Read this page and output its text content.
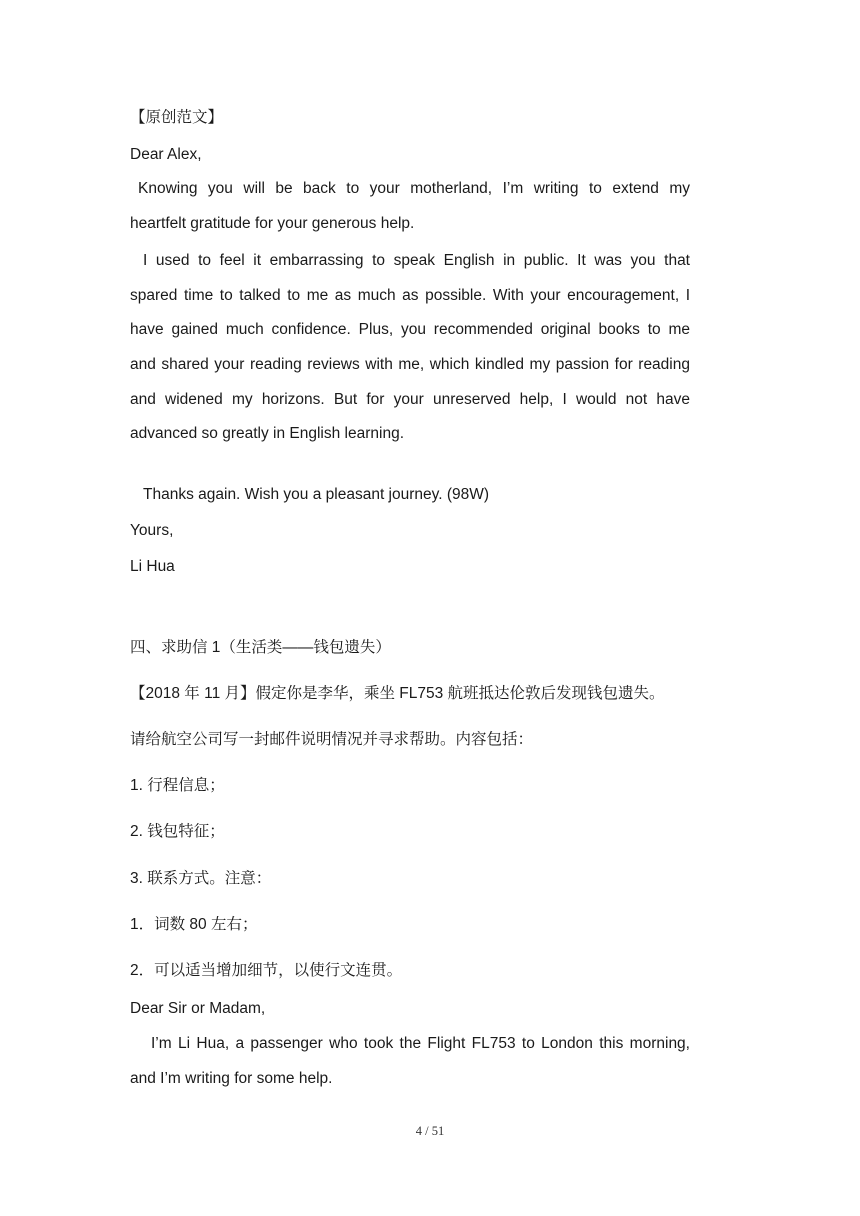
【原创范文】
Dear Alex,
Knowing you will be back to your motherland, I’m writing to extend my
heartfelt gratitude for your generous help.
I used to feel it embarrassing to speak English in public. It was you that
spared time to talked to me as much as possible. With your encouragement, I
have gained much confidence. Plus, you recommended original books to me
and shared your reading reviews with me, which kindled my passion for reading
and widened my horizons. But for your unreserved help, I would not have
advanced so greatly in English learning.
Thanks again. Wish you a pleasant journey. (98W)
Yours,
Li Hua
四、求助信 1（生活类——钱包遗失）
【2018 年 11 月】假定你是李华，乘坐 FL753 航班抵达伦敦后发现钱包遗失。
请给航空公司写一封邮件说明情况并寻求帮助。内容包括：
1. 行程信息；
2. 钱包特征；
3. 联系方式。注意：
1．词数 80 左右；
2．可以适当增加细节，以使行文连贯。
Dear Sir or Madam,
I’m Li Hua, a passenger who took the Flight FL753 to London this morning,
and I’m writing for some help.
4 / 51
